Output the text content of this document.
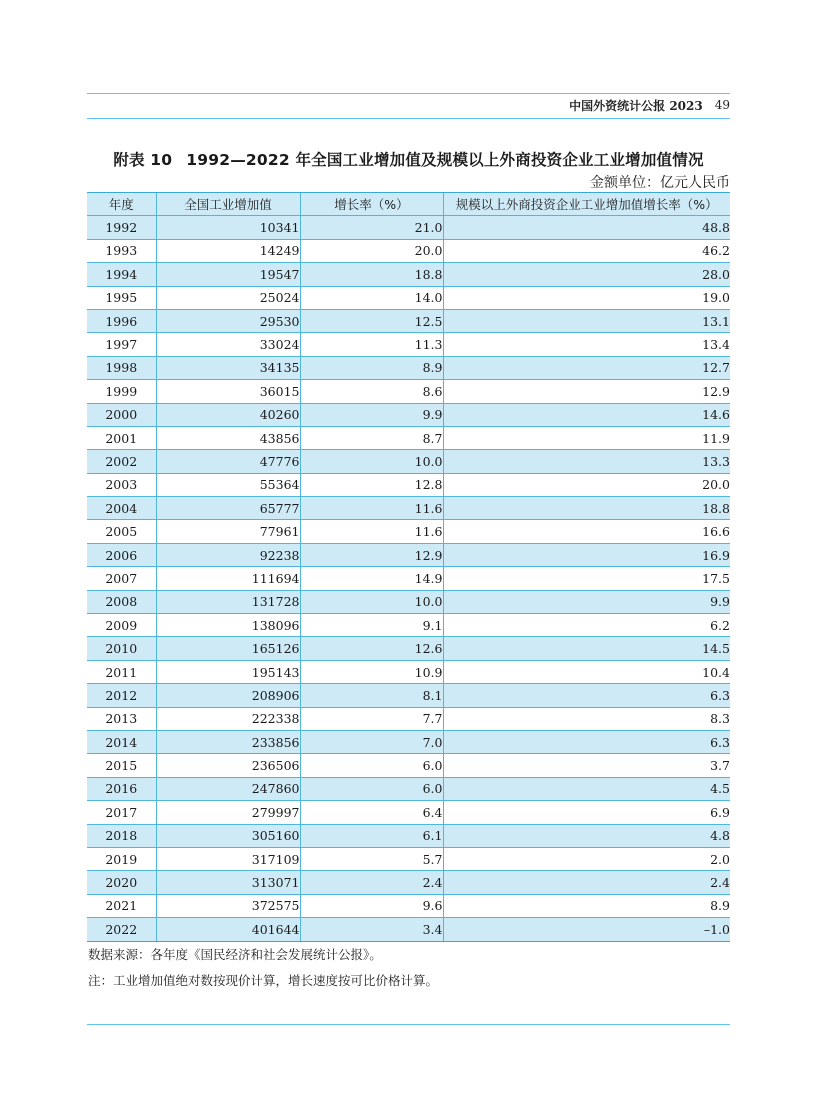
中国外资统计公报 2023 49
附表 10 1992—2022 年全国工业增加值及规模以上外商投资企业工业增加值情况
金额单位：亿元人民币
年度	全国工业增加值	增长率（%）	规模以上外商投资企业工业增加值增长率（%）
1992	10341	21.0	48.8
1993	14249	20.0	46.2
1994	19547	18.8	28.0
1995	25024	14.0	19.0
1996	29530	12.5	13.1
1997	33024	11.3	13.4
1998	34135	8.9	12.7
1999	36015	8.6	12.9
2000	40260	9.9	14.6
2001	43856	8.7	11.9
2002	47776	10.0	13.3
2003	55364	12.8	20.0
2004	65777	11.6	18.8
2005	77961	11.6	16.6
2006	92238	12.9	16.9
2007	111694	14.9	17.5
2008	131728	10.0	9.9
2009	138096	9.1	6.2
2010	165126	12.6	14.5
2011	195143	10.9	10.4
2012	208906	8.1	6.3
2013	222338	7.7	8.3
2014	233856	7.0	6.3
2015	236506	6.0	3.7
2016	247860	6.0	4.5
2017	279997	6.4	6.9
2018	305160	6.1	4.8
2019	317109	5.7	2.0
2020	313071	2.4	2.4
2021	372575	9.6	8.9
2022	401644	3.4	–1.0
数据来源：各年度《国民经济和社会发展统计公报》。
注：工业增加值绝对数按现价计算，增长速度按可比价格计算。
